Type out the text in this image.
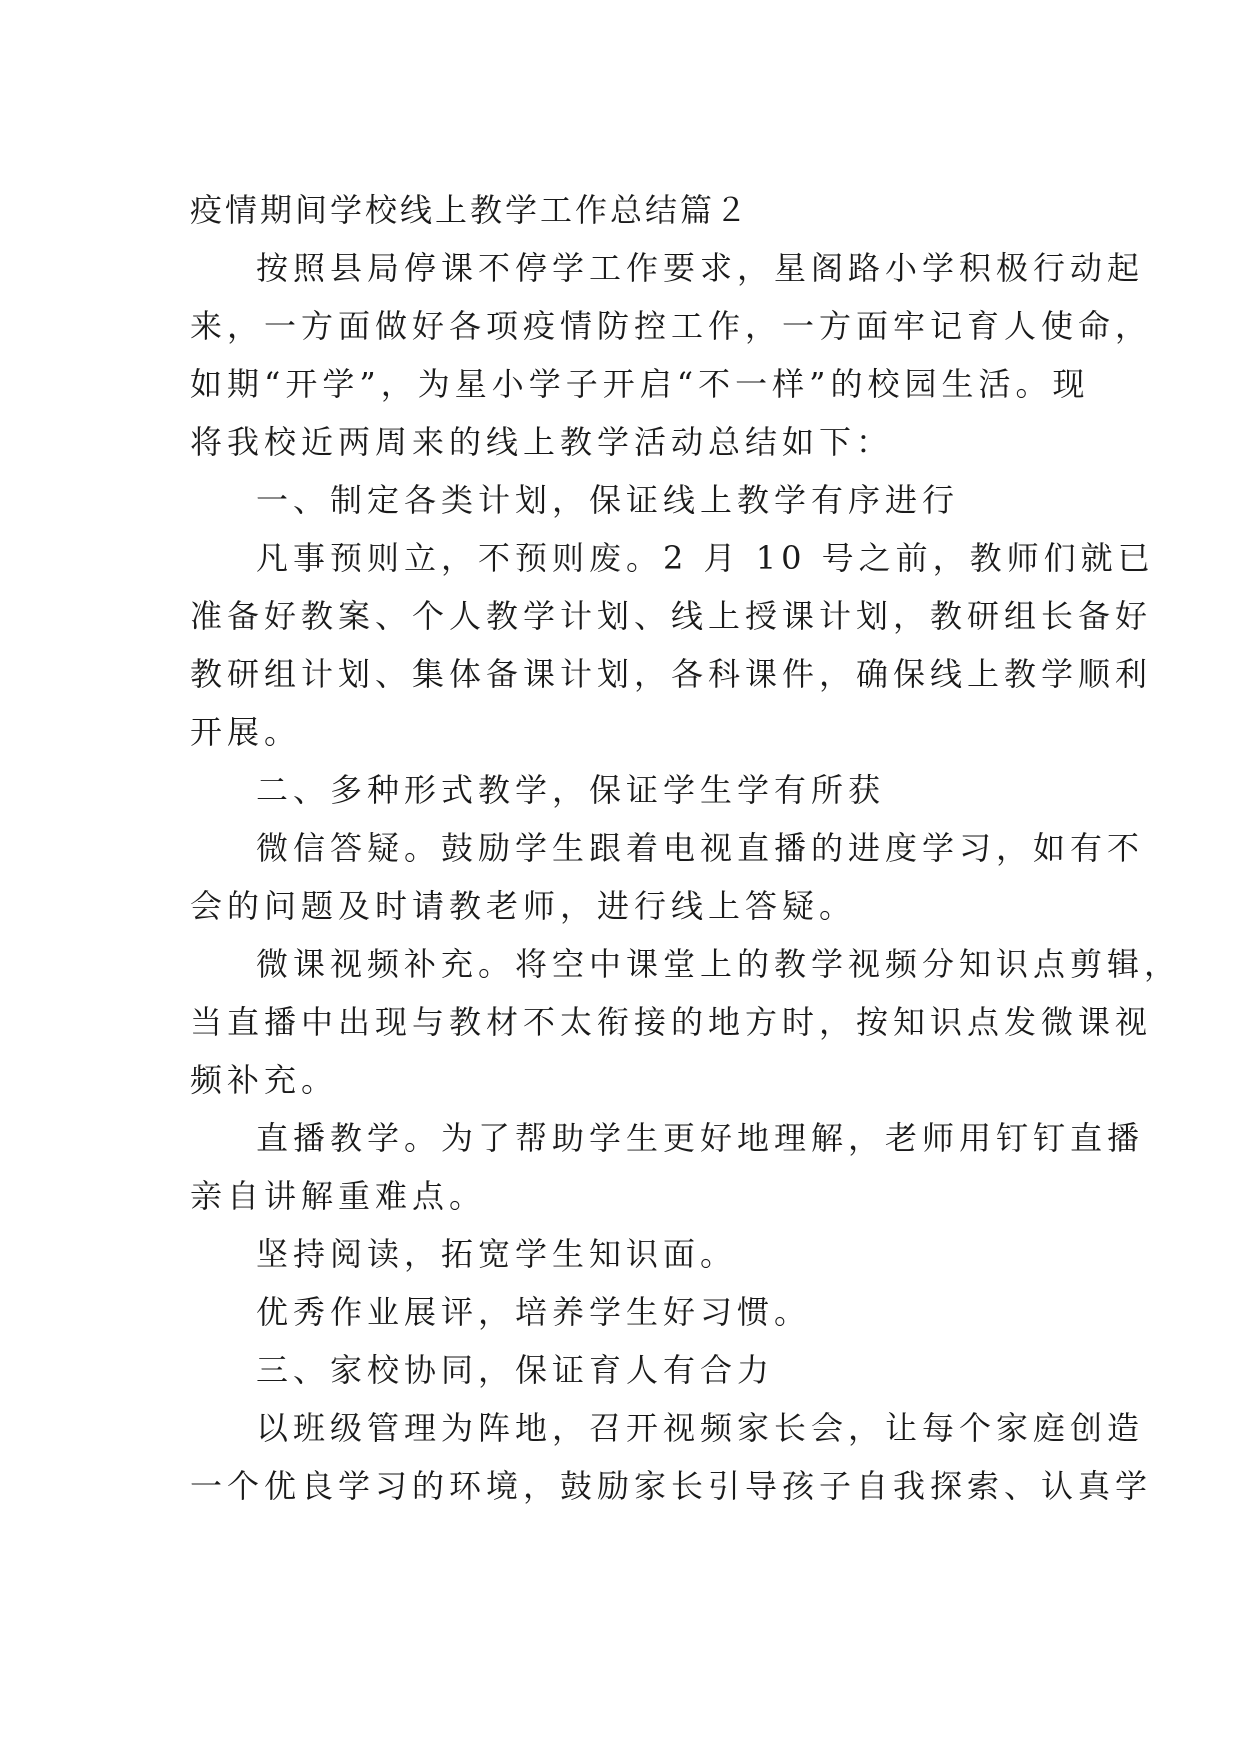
疫情期间学校线上教学工作总结篇２
按照县局停课不停学工作要求，星阁路小学积极行动起
来，一方面做好各项疫情防控工作，一方面牢记育人使命，
如期“开学”，为星小学子开启“不一样”的校园生活。现
将我校近两周来的线上教学活动总结如下：
一、制定各类计划，保证线上教学有序进行
凡事预则立，不预则废。2 月 10 号之前，教师们就已
准备好教案、个人教学计划、线上授课计划，教研组长备好
教研组计划、集体备课计划，各科课件，确保线上教学顺利
开展。
二、多种形式教学，保证学生学有所获
微信答疑。鼓励学生跟着电视直播的进度学习，如有不
会的问题及时请教老师，进行线上答疑。
微课视频补充。将空中课堂上的教学视频分知识点剪辑，
当直播中出现与教材不太衔接的地方时，按知识点发微课视
频补充。
直播教学。为了帮助学生更好地理解，老师用钉钉直播
亲自讲解重难点。
坚持阅读，拓宽学生知识面。
优秀作业展评，培养学生好习惯。
三、家校协同，保证育人有合力
以班级管理为阵地，召开视频家长会，让每个家庭创造
一个优良学习的环境，鼓励家长引导孩子自我探索、认真学
